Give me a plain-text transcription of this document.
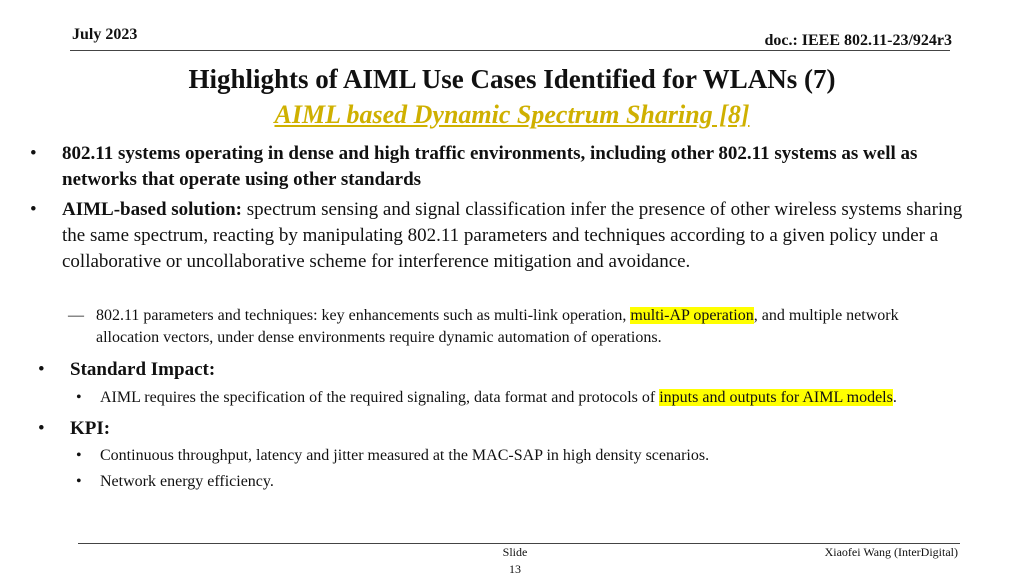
July 2023	doc.: IEEE 802.11-23/924r3
Highlights of AIML Use Cases Identified for WLANs (7)
AIML based Dynamic Spectrum Sharing [8]
• 802.11 systems operating in dense and high traffic environments, including other 802.11 systems as well as networks that operate using other standards
• AIML-based solution: spectrum sensing and signal classification infer the presence of other wireless systems sharing the same spectrum, reacting by manipulating 802.11 parameters and techniques according to a given policy under a collaborative or uncollaborative scheme for interference mitigation and avoidance.
— 802.11 parameters and techniques: key enhancements such as multi-link operation, multi-AP operation, and multiple network allocation vectors, under dense environments require dynamic automation of operations.
• Standard Impact:
• AIML requires the specification of the required signaling, data format and protocols of inputs and outputs for AIML models.
• KPI:
• Continuous throughput, latency and jitter measured at the MAC-SAP in high density scenarios.
• Network energy efficiency.
Slide
13
Xiaofei Wang (InterDigital)
